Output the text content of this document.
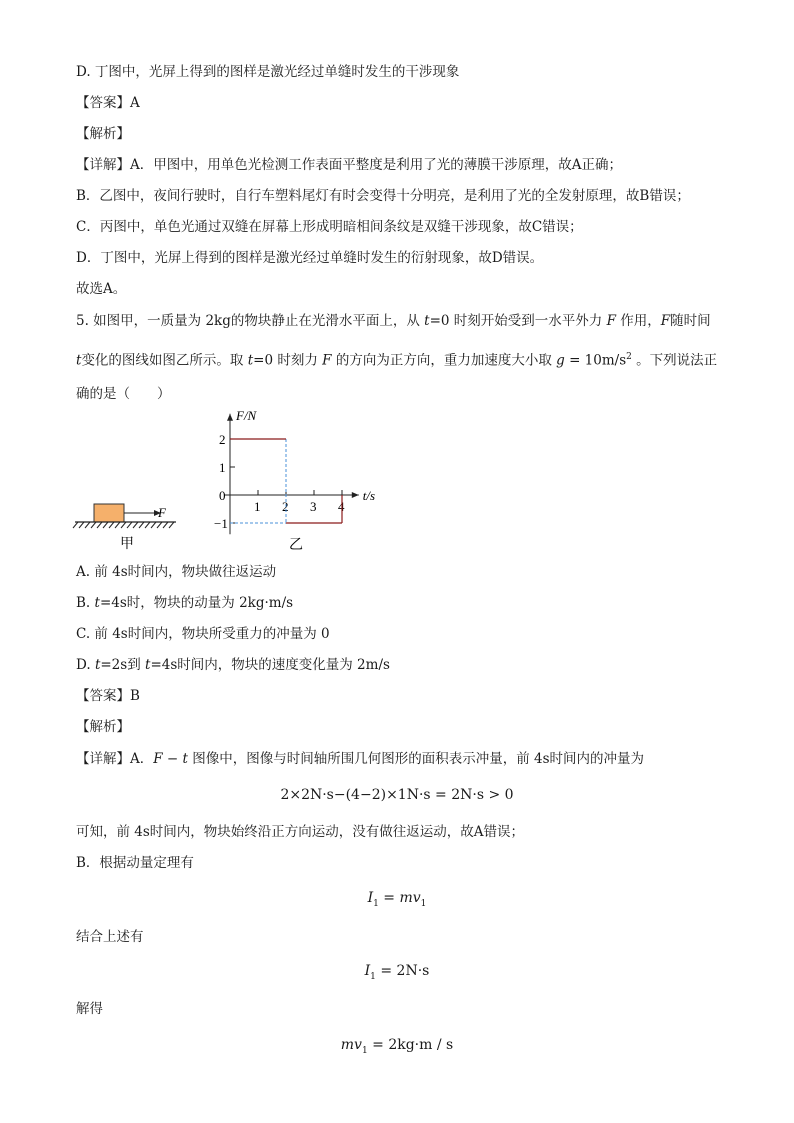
D. 丁图中，光屏上得到的图样是激光经过单缝时发生的干涉现象
【答案】A
【解析】
【详解】A．甲图中，用单色光检测工作表面平整度是利用了光的薄膜干涉原理，故A正确；
B．乙图中，夜间行驶时，自行车塑料尾灯有时会变得十分明亮，是利用了光的全发射原理，故B错误；
C．丙图中，单色光通过双缝在屏幕上形成明暗相间条纹是双缝干涉现象，故C错误；
D．丁图中，光屏上得到的图样是激光经过单缝时发生的衍射现象，故D错误。
故选A。
5. 如图甲，一质量为 2kg的物块静止在光滑水平面上，从 t=0 时刻开始受到一水平外力 F 作用，F随时间
t变化的图线如图乙所示。取 t=0 时刻力 F 的方向为正方向，重力加速度大小取 $g = 10m/s^2$ 。下列说法正
确的是（　　）
F
甲
F/N
t/s
1 2 3 4
2
1
0
−1
乙
A. 前 4s时间内，物块做往返运动
B. t=4s时，物块的动量为 2kg·m/s
C. 前 4s时间内，物块所受重力的冲量为 0
D. t=2s到 t=4s时间内，物块的速度变化量为 2m/s
【答案】B
【解析】
【详解】A．F − t 图像中，图像与时间轴所围几何图形的面积表示冲量，前 4s时间内的冲量为
2×2N·s−(4−2)×1N·s = 2N·s > 0
可知，前 4s时间内，物块始终沿正方向运动，没有做往返运动，故A错误；
B．根据动量定理有
$I_1 = mv_1$
结合上述有
$I_1 = 2N\cdot s$
解得
$mv_1 = 2kg\cdot m / s$
